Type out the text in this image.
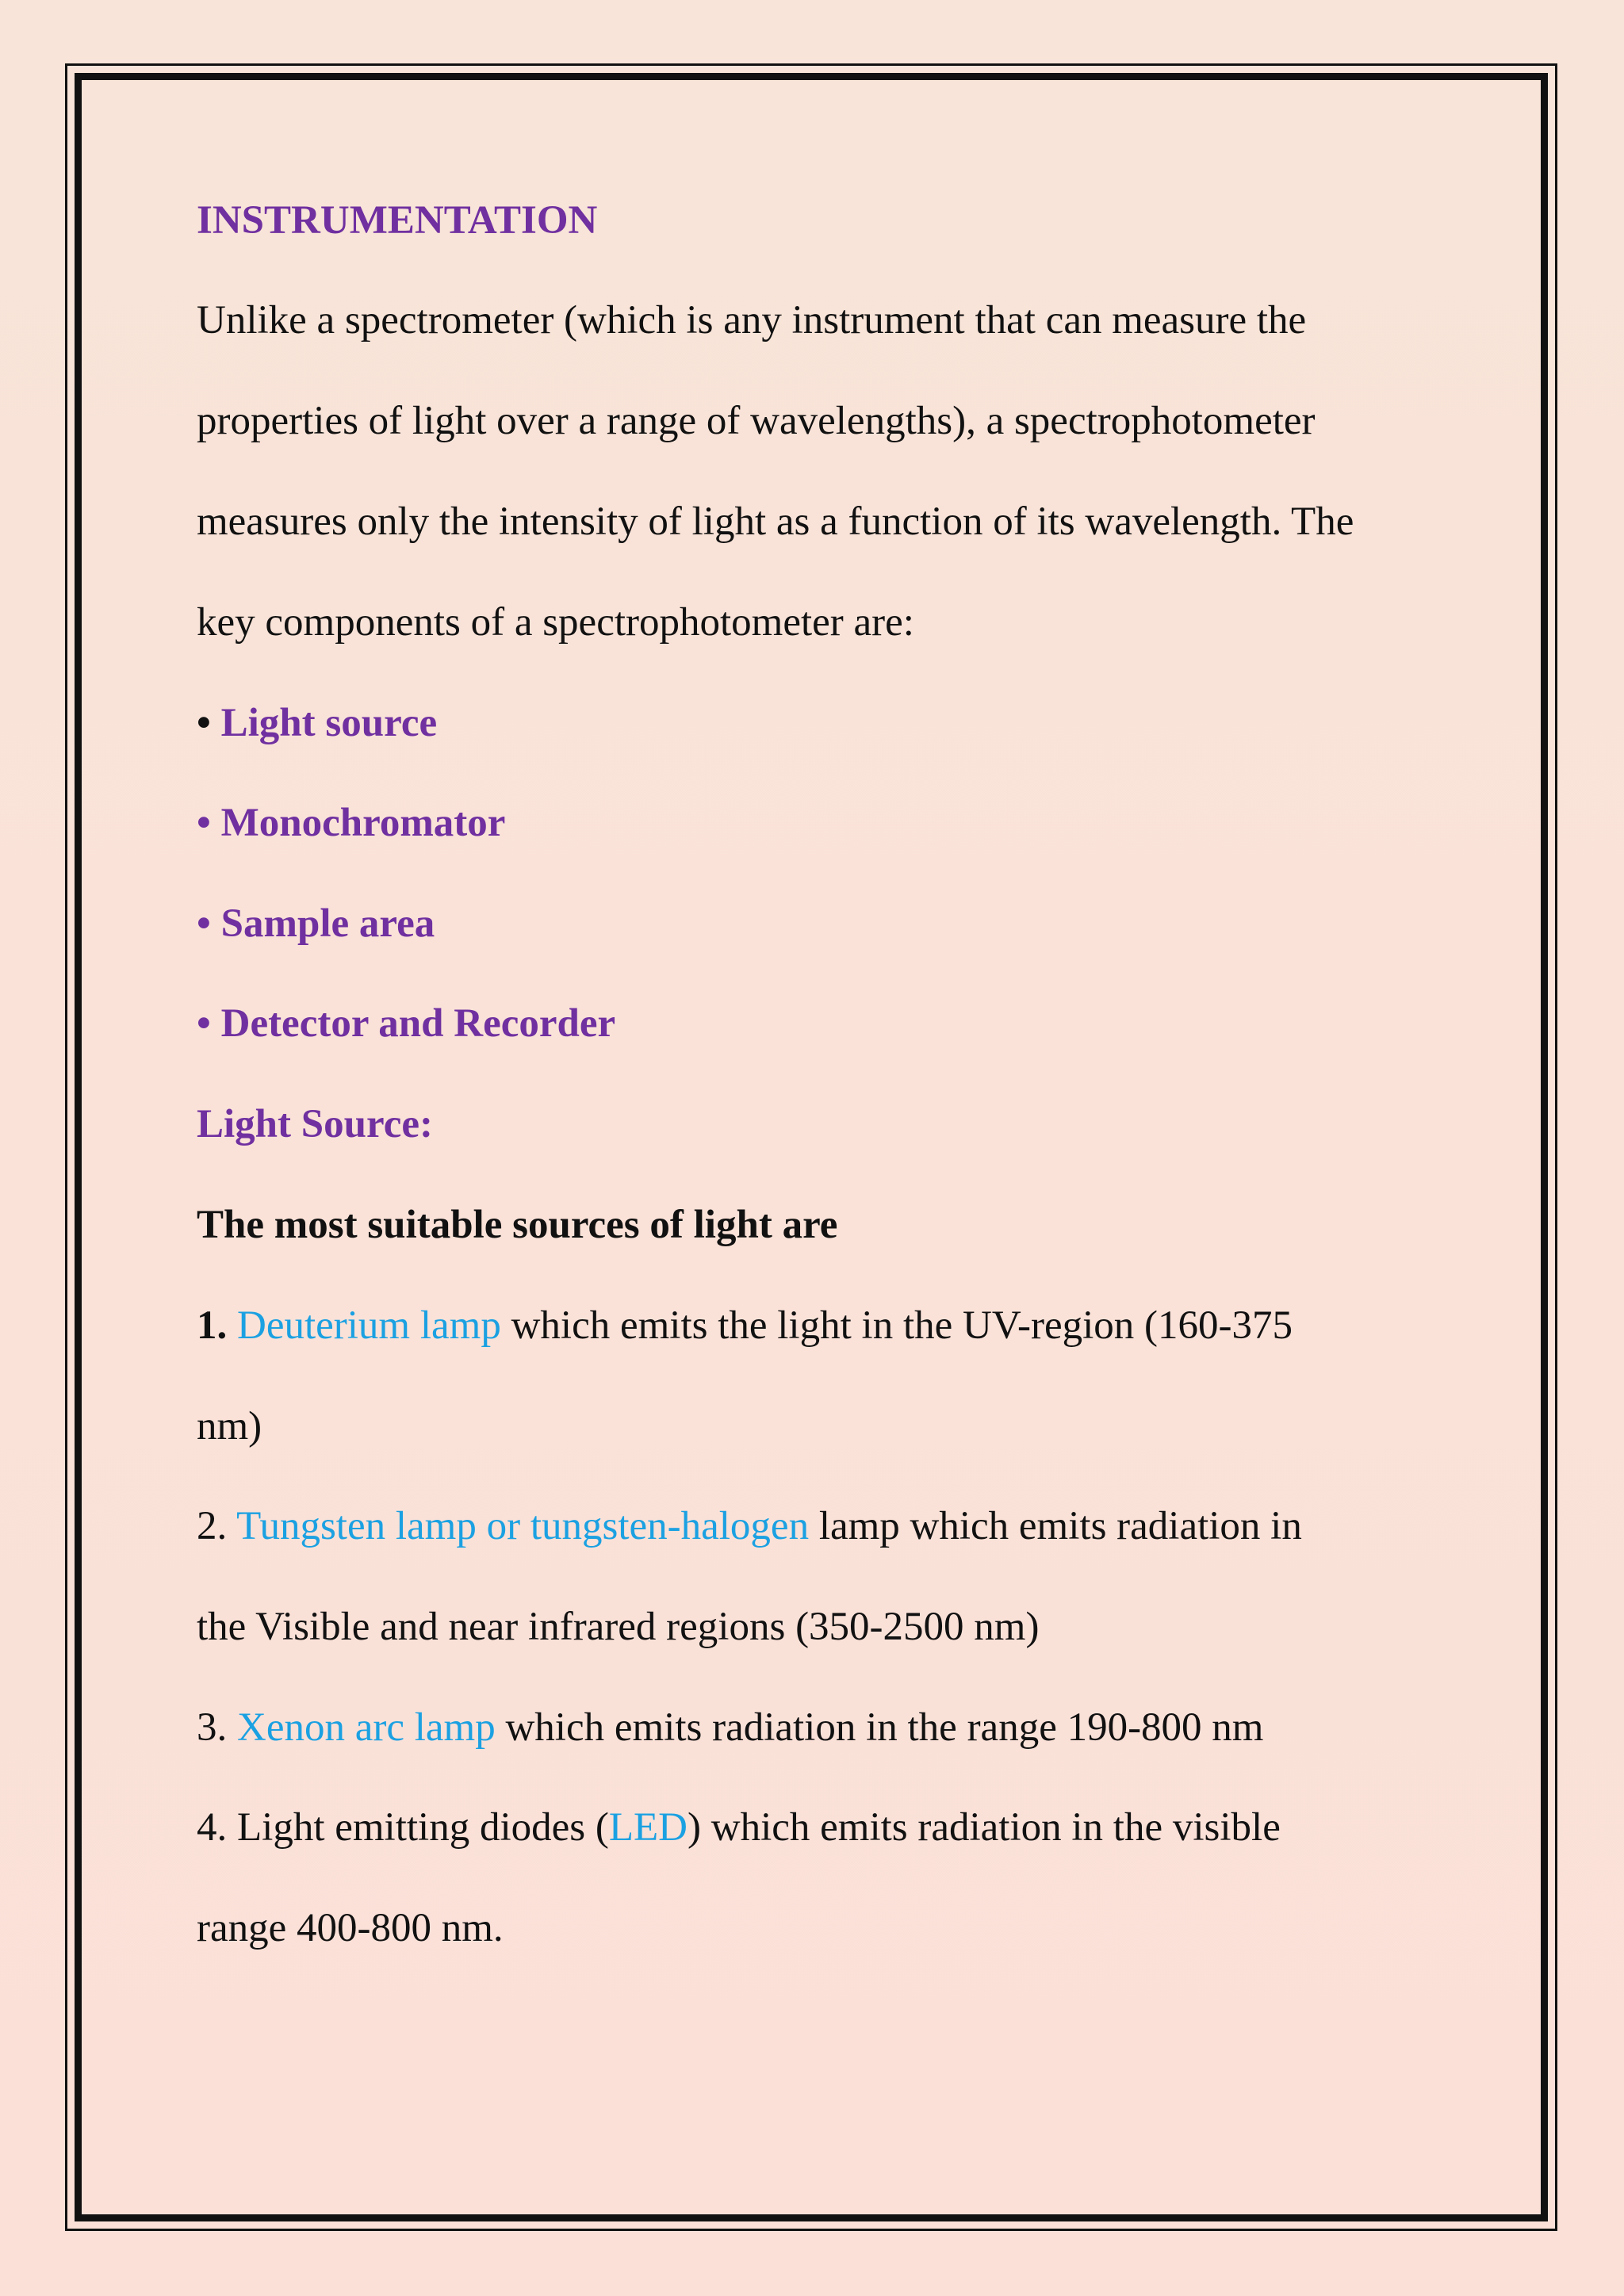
INSTRUMENTATION
Unlike a spectrometer (which is any instrument that can measure the
properties of light over a range of wavelengths), a spectrophotometer
measures only the intensity of light as a function of its wavelength. The
key components of a spectrophotometer are:
• Light source
• Monochromator
• Sample area
• Detector and Recorder
Light Source:
The most suitable sources of light are
1. Deuterium lamp which emits the light in the UV-region (160-375
nm)
2. Tungsten lamp or tungsten-halogen lamp which emits radiation in
the Visible and near infrared regions (350-2500 nm)
3. Xenon arc lamp which emits radiation in the range 190-800 nm
4. Light emitting diodes (LED) which emits radiation in the visible
range 400-800 nm.
